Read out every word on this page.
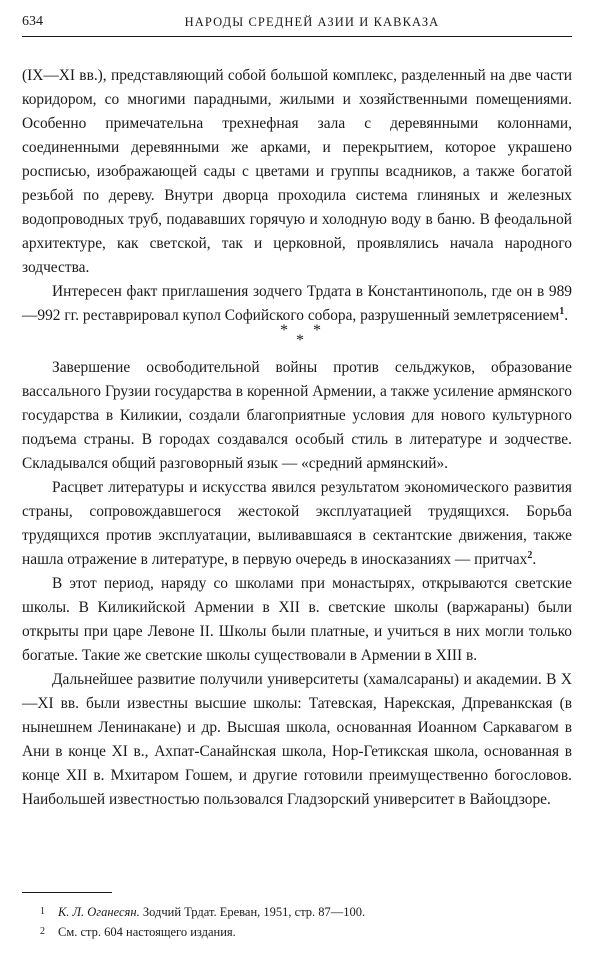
634	НАРОДЫ СРЕДНЕЙ АЗИИ И КАВКАЗА

(IX—XI вв.), представляющий собой большой комплекс, разделенный на две части коридором, со многими парадными, жилыми и хозяйственными помещениями. Особенно примечательна трехнефная зала с деревянными колоннами, соединенными деревянными же арками, и перекрытием, которое украшено росписью, изображающей сады с цветами и группы всадников, а также богатой резьбой по дереву. Внутри дворца проходила система глиняных и железных водопроводных труб, подававших горячую и холодную воду в баню. В феодальной архитектуре, как светской, так и церковной, проявлялись начала народного зодчества.

Интересен факт приглашения зодчего Трдата в Константинополь, где он в 989—992 гг. реставрировал купол Софийского собора, разрушенный землетрясением$^1$.

*
*
*

Завершение освободительной войны против сельджуков, образование вассального Грузии государства в коренной Армении, а также усиление армянского государства в Киликии, создали благоприятные условия для нового культурного подъема страны. В городах создавался особый стиль в литературе и зодчестве. Складывался общий разговорный язык — «средний армянский».

Расцвет литературы и искусства явился результатом экономического развития страны, сопровождавшегося жестокой эксплуатацией трудящихся. Борьба трудящихся против эксплуатации, выливавшаяся в сектантские движения, также нашла отражение в литературе, в первую очередь в иносказаниях — притчах$^2$.

В этот период, наряду со школами при монастырях, открываются светские школы. В Киликийской Армении в XII в. светские школы (варжараны) были открыты при царе Левоне II. Школы были платные, и учиться в них могли только богатые. Такие же светские школы существовали в Армении в XIII в.

Дальнейшее развитие получили университеты (хамалсараны) и академии. В X—XI вв. были известны высшие школы: Татевская, Нарекская, Дпреванкская (в нынешнем Ленинакане) и др. Высшая школа, основанная Иоанном Саркавагом в Ани в конце XI в., Ахпат-Санайнская школа, Нор-Гетикская школа, основанная в конце XII в. Мхитаром Гошем, и другие готовили преимущественно богословов. Наибольшей известностью пользовался Гладзорский университет в Вайоцдзоре.

1 К. Л. Оганесян. Зодчий Трдат. Ереван, 1951, стр. 87—100.
2 См. стр. 604 настоящего издания.
